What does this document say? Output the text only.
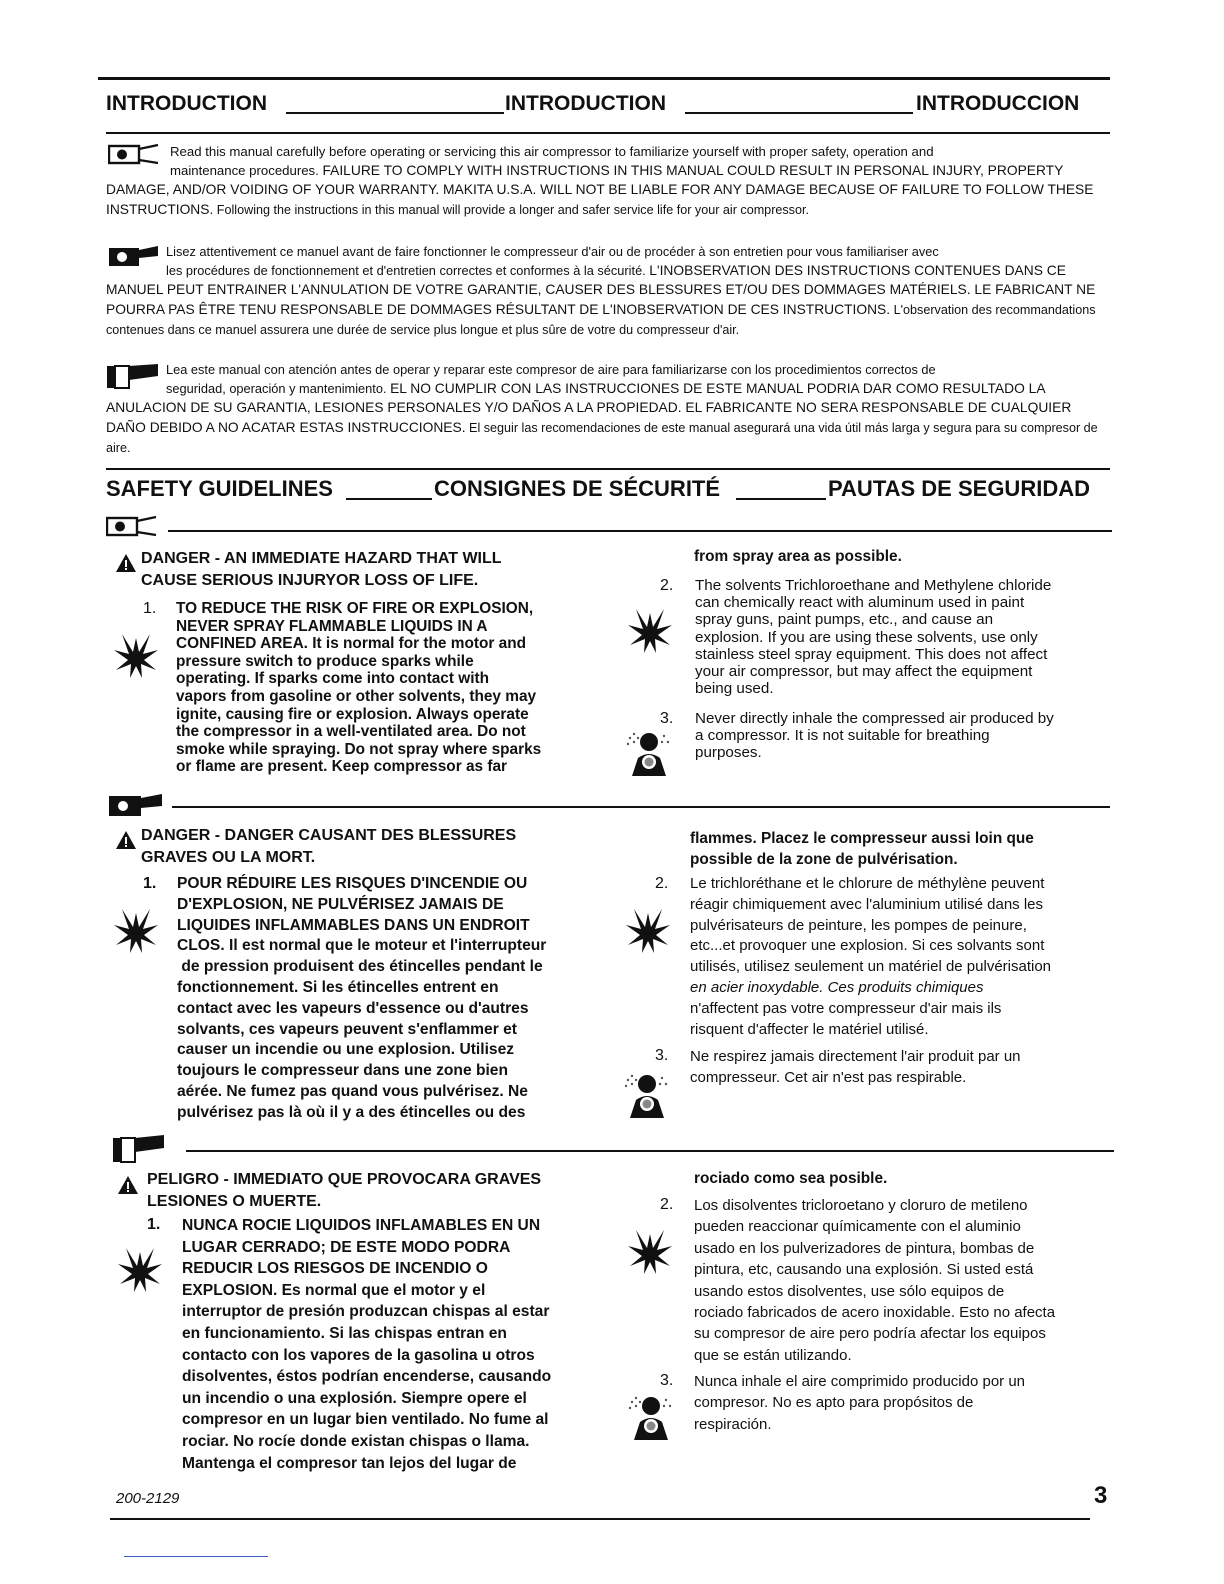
INTRODUCTION	INTRODUCTION	INTRODUCCION
Read this manual carefully before operating or servicing this air compressor to familiarize yourself with proper safety, operation and
maintenance procedures. FAILURE TO COMPLY WITH INSTRUCTIONS IN THIS MANUAL COULD RESULT IN PERSONAL INJURY, PROPERTY DAMAGE, AND/OR VOIDING OF YOUR WARRANTY. MAKITA U.S.A. WILL NOT BE LIABLE FOR ANY DAMAGE BECAUSE OF FAILURE TO FOLLOW THESE INSTRUCTIONS. Following the instructions in this manual will provide a longer and safer service life for your air compressor.
Lisez attentivement ce manuel avant de faire fonctionner le compresseur d'air ou de procéder à son entretien pour vous familiariser avec
les procédures de fonctionnement et d'entretien correctes et conformes à la sécurité. L'INOBSERVATION DES INSTRUCTIONS CONTENUES DANS CE MANUEL PEUT ENTRAINER L'ANNULATION DE VOTRE GARANTIE, CAUSER DES BLESSURES ET/OU DES DOMMAGES MATÉRIELS. LE FABRICANT NE POURRA PAS ÊTRE TENU RESPONSABLE DE DOMMAGES RÉSULTANT DE L'INOBSERVATION DE CES INSTRUCTIONS. L'observation des recommandations contenues dans ce manuel assurera une durée de service plus longue et plus sûre de votre du compresseur d'air.
Lea este manual con atención antes de operar y reparar este compresor de aire para familiarizarse con los procedimientos correctos de
seguridad, operación y mantenimiento. EL NO CUMPLIR CON LAS INSTRUCCIONES DE ESTE MANUAL PODRIA DAR COMO RESULTADO LA ANULACION DE SU GARANTIA, LESIONES PERSONALES Y/O DAÑOS A LA PROPIEDAD. EL FABRICANTE NO SERA RESPONSABLE DE CUALQUIER DAÑO DEBIDO A NO ACATAR ESTAS INSTRUCCIONES. El seguir las recomendaciones de este manual asegurará una vida útil más larga y segura para su compresor de aire.
SAFETY GUIDELINES	CONSIGNES DE SÉCURITÉ	PAUTAS DE SEGURIDAD
DANGER - AN IMMEDIATE HAZARD THAT WILL
CAUSE SERIOUS INJURYOR LOSS OF LIFE.
1. TO REDUCE THE RISK OF FIRE OR EXPLOSION,
NEVER SPRAY FLAMMABLE LIQUIDS IN A
CONFINED AREA. It is normal for the motor and
pressure switch to produce sparks while
operating. If sparks come into contact with
vapors from gasoline or other solvents, they may
ignite, causing fire or explosion. Always operate
the compressor in a well-ventilated area. Do not
smoke while spraying. Do not spray where sparks
or flame are present. Keep compressor as far
from spray area as possible.
2. The solvents Trichloroethane and Methylene chloride
can chemically react with aluminum used in paint
spray guns, paint pumps, etc., and cause an
explosion. If you are using these solvents, use only
stainless steel spray equipment. This does not affect
your air compressor, but may affect the equipment
being used.
3. Never directly inhale the compressed air produced by
a compressor. It is not suitable for breathing
purposes.
DANGER - DANGER CAUSANT DES BLESSURES
GRAVES OU LA MORT.
1. POUR RÉDUIRE LES RISQUES D'INCENDIE OU
D'EXPLOSION, NE PULVÉRISEZ JAMAIS DE
LIQUIDES INFLAMMABLES DANS UN ENDROIT
CLOS. Il est normal que le moteur et l'interrupteur
de pression produisent des étincelles pendant le
fonctionnement. Si les étincelles entrent en
contact avec les vapeurs d'essence ou d'autres
solvants, ces vapeurs peuvent s'enflammer et
causer un incendie ou une explosion. Utilisez
toujours le compresseur dans une zone bien
aérée. Ne fumez pas quand vous pulvérisez. Ne
pulvérisez pas là où il y a des étincelles ou des
flammes. Placez le compresseur aussi loin que
possible de la zone de pulvérisation.
2. Le trichloréthane et le chlorure de méthylène peuvent
réagir chimiquement avec l'aluminium utilisé dans les
pulvérisateurs de peinture, les pompes de peinure,
etc...et provoquer une explosion. Si ces solvants sont
utilisés, utilisez seulement un matériel de pulvérisation
en acier inoxydable. Ces produits chimiques
n'affectent pas votre compresseur d'air mais ils
risquent d'affecter le matériel utilisé.
3. Ne respirez jamais directement l'air produit par un
compresseur. Cet air n'est pas respirable.
PELIGRO - IMMEDIATO QUE PROVOCARA GRAVES
LESIONES O MUERTE.
1. NUNCA ROCIE LIQUIDOS INFLAMABLES EN UN
LUGAR CERRADO; DE ESTE MODO PODRA
REDUCIR LOS RIESGOS DE INCENDIO O
EXPLOSION. Es normal que el motor y el
interruptor de presión produzcan chispas al estar
en funcionamiento. Si las chispas entran en
contacto con los vapores de la gasolina u otros
disolventes, éstos podrían encenderse, causando
un incendio o una explosión. Siempre opere el
compresor en un lugar bien ventilado. No fume al
rociar. No rocíe donde existan chispas o llama.
Mantenga el compresor tan lejos del lugar de
rociado como sea posible.
2. Los disolventes tricloroetano y cloruro de metileno
pueden reaccionar químicamente con el aluminio
usado en los pulverizadores de pintura, bombas de
pintura, etc, causando una explosión. Si usted está
usando estos disolventes, use sólo equipos de
rociado fabricados de acero inoxidable. Esto no afecta
su compresor de aire pero podría afectar los equipos
que se están utilizando.
3. Nunca inhale el aire comprimido producido por un
compresor. No es apto para propósitos de
respiración.
200-2129	3
